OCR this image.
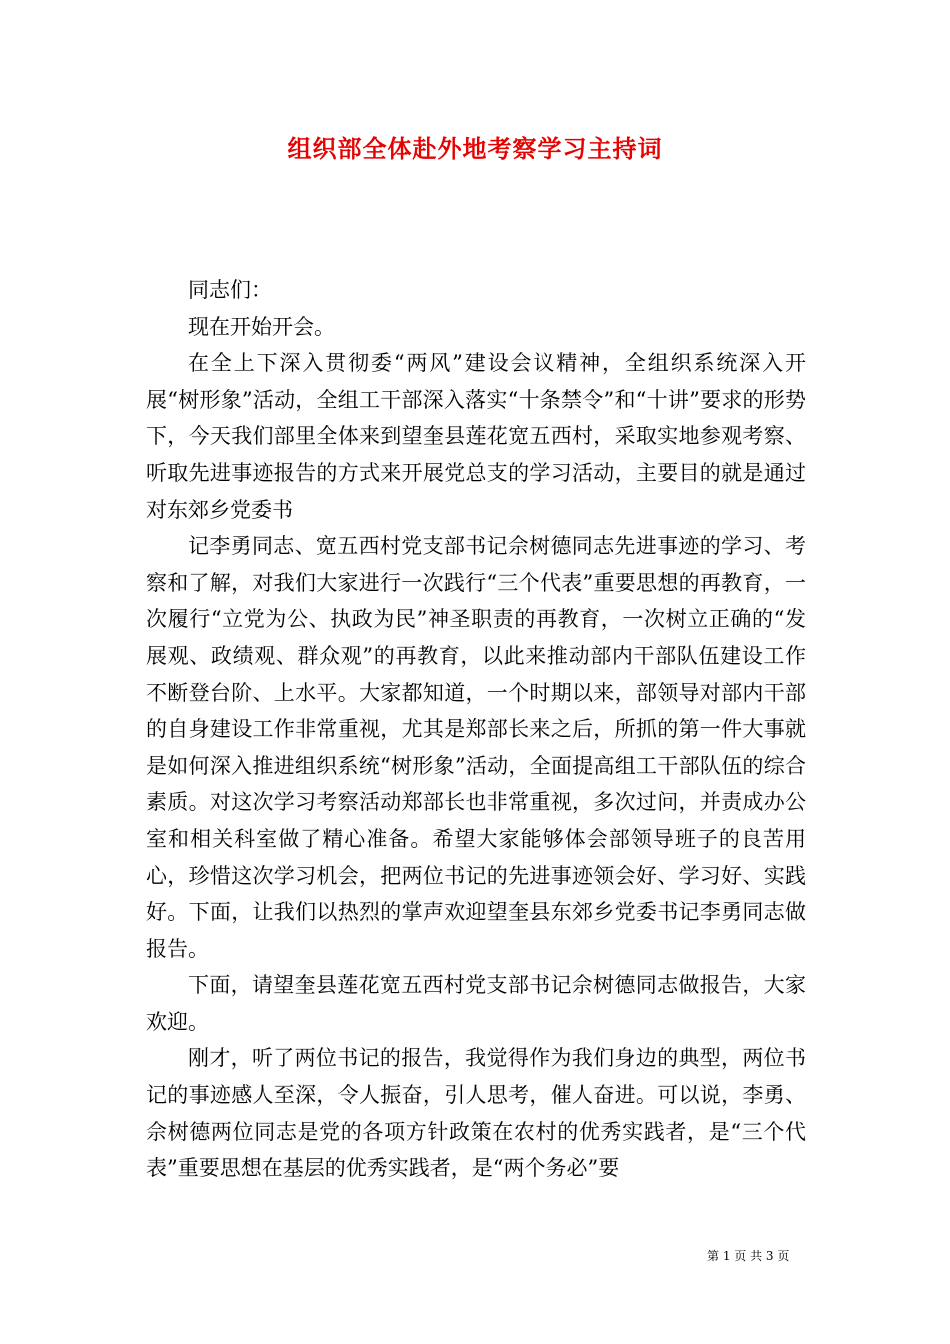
组织部全体赴外地考察学习主持词

同志们：

现在开始开会。

在全上下深入贯彻委“两风”建设会议精神，全组织系统深入开展“树形象”活动，全组工干部深入落实“十条禁令”和“十讲”要求的形势下，今天我们部里全体来到望奎县莲花宽五西村，采取实地参观考察、听取先进事迹报告的方式来开展党总支的学习活动，主要目的就是通过对东郊乡党委书

记李勇同志、宽五西村党支部书记佘树德同志先进事迹的学习、考察和了解，对我们大家进行一次践行“三个代表”重要思想的再教育，一次履行“立党为公、执政为民”神圣职责的再教育，一次树立正确的“发展观、政绩观、群众观”的再教育，以此来推动部内干部队伍建设工作不断登台阶、上水平。大家都知道，一个时期以来，部领导对部内干部的自身建设工作非常重视，尤其是郑部长来之后，所抓的第一件大事就是如何深入推进组织系统“树形象”活动，全面提高组工干部队伍的综合素质。对这次学习考察活动郑部长也非常重视，多次过问，并责成办公室和相关科室做了精心准备。希望大家能够体会部领导班子的良苦用心，珍惜这次学习机会，把两位书记的先进事迹领会好、学习好、实践好。下面，让我们以热烈的掌声欢迎望奎县东郊乡党委书记李勇同志做报告。

下面，请望奎县莲花宽五西村党支部书记佘树德同志做报告，大家欢迎。

刚才，听了两位书记的报告，我觉得作为我们身边的典型，两位书记的事迹感人至深，令人振奋，引人思考，催人奋进。可以说，李勇、佘树德两位同志是党的各项方针政策在农村的优秀实践者，是“三个代表”重要思想在基层的优秀实践者，是“两个务必”要

第 1 页 共 3 页
